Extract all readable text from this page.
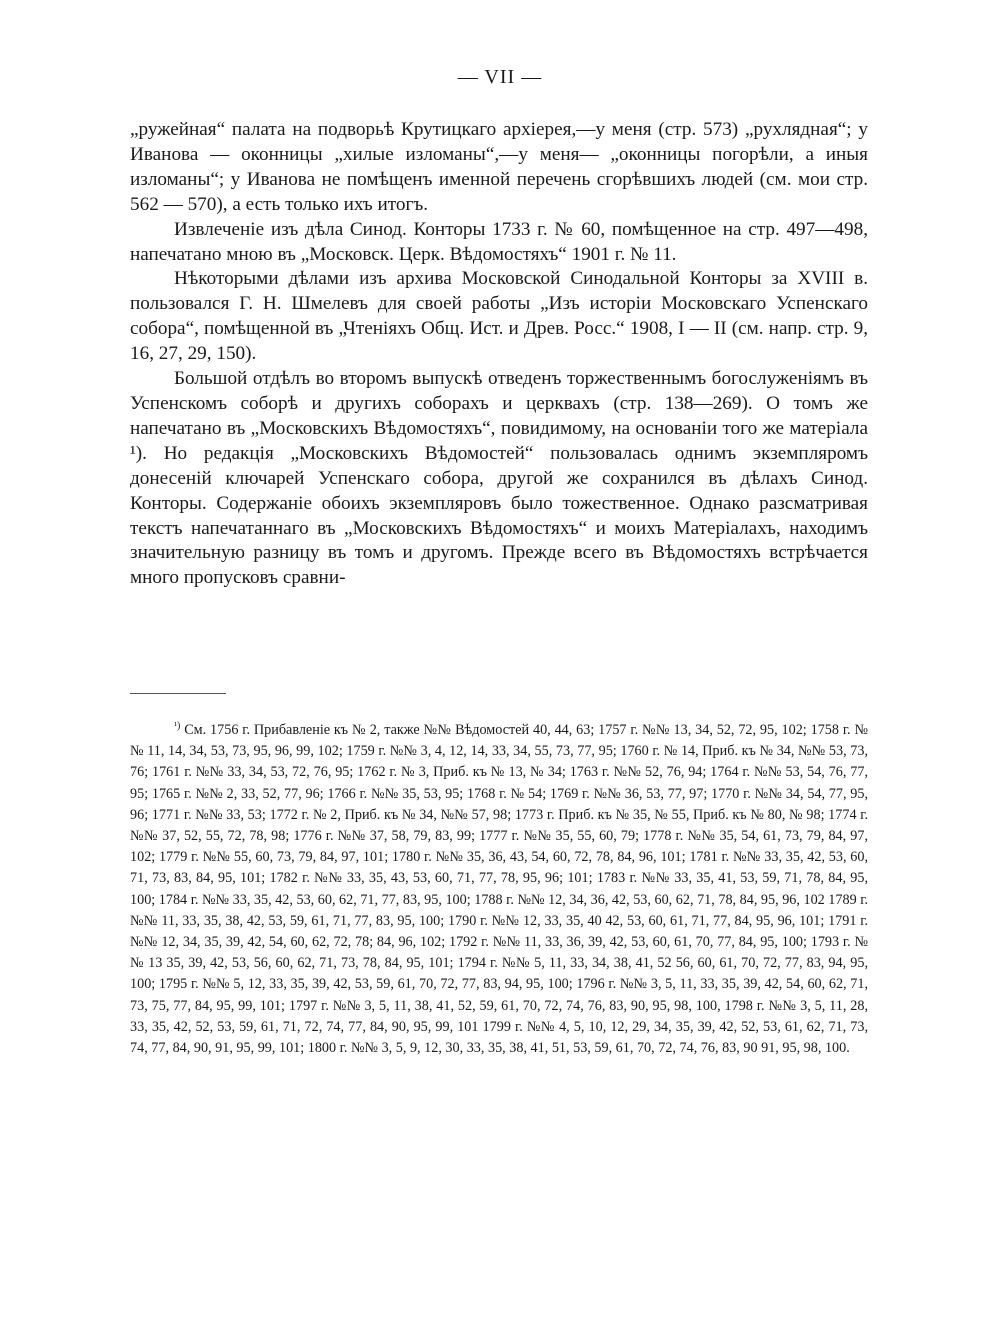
— VII —

„ружейная“ палата на подворьѣ Крутицкаго архіерея,—у меня (стр. 573) „рухлядная“; у Иванова — оконницы „хилые изломаны“,—у меня— „оконницы погорѣли, а иныя изломаны“; у Иванова не помѣщенъ именной перечень сгорѣвшихъ людей (см. мои стр. 562 — 570), а есть только ихъ итогъ.

Извлеченіе изъ дѣла Синод. Конторы 1733 г. № 60, помѣщенное на стр. 497—498, напечатано мною въ „Московск. Церк. Вѣдомостяхъ“ 1901 г. № 11.

Нѣкоторыми дѣлами изъ архива Московской Синодальной Конторы за XVIII в. пользовался Г. Н. Шмелевъ для своей работы „Изъ исторіи Московскаго Успенскаго собора“, помѣщенной въ „Чтеніяхъ Общ. Ист. и Древ. Росс.“ 1908, I — II (см. напр. стр. 9, 16, 27, 29, 150).

Большой отдѣлъ во второмъ выпускѣ отведенъ торжественнымъ богослуженіямъ въ Успенскомъ соборѣ и другихъ соборахъ и церквахъ (стр. 138—269). О томъ же напечатано въ „Московскихъ Вѣдомостяхъ“, повидимому, на основаніи того же матеріала ¹). Но редакція „Московскихъ Вѣдомостей“ пользовалась однимъ экземпляромъ донесеній ключарей Успенскаго собора, другой же сохранился въ дѣлахъ Синод. Конторы. Содержаніе обоихъ экземпляровъ было тожественное. Однако разсматривая текстъ напечатаннаго въ „Московскихъ Вѣдомостяхъ“ и моихъ Матеріалахъ, находимъ значительную разницу въ томъ и другомъ. Прежде всего въ Вѣдомостяхъ встрѣчается много пропусковъ сравни-

$^{^1)}$ См. 1756 г. Прибавленіе къ № 2, также №№ Вѣдомостей 40, 44, 63; 1757 г. №№ 13, 34, 52, 72, 95, 102; 1758 г. №№ 11, 14, 34, 53, 73, 95, 96, 99, 102; 1759 г. №№ 3, 4, 12, 14, 33, 34, 55, 73, 77, 95; 1760 г. № 14, Приб. къ № 34, №№ 53, 73, 76; 1761 г. №№ 33, 34, 53, 72, 76, 95; 1762 г. № 3, Приб. къ № 13, № 34; 1763 г. №№ 52, 76, 94; 1764 г. №№ 53, 54, 76, 77, 95; 1765 г. №№ 2, 33, 52, 77, 96; 1766 г. №№ 35, 53, 95; 1768 г. № 54; 1769 г. №№ 36, 53, 77, 97; 1770 г. №№ 34, 54, 77, 95, 96; 1771 г. №№ 33, 53; 1772 г. № 2, Приб. къ № 34, №№ 57, 98; 1773 г. Приб. къ № 35, № 55, Приб. къ № 80, № 98; 1774 г. №№ 37, 52, 55, 72, 78, 98; 1776 г. №№ 37, 58, 79, 83, 99; 1777 г. №№ 35, 55, 60, 79; 1778 г. №№ 35, 54, 61, 73, 79, 84, 97, 102; 1779 г. №№ 55, 60, 73, 79, 84, 97, 101; 1780 г. №№ 35, 36, 43, 54, 60, 72, 78, 84, 96, 101; 1781 г. №№ 33, 35, 42, 53, 60, 71, 73, 83, 84, 95, 101; 1782 г. №№ 33, 35, 43, 53, 60, 71, 77, 78, 95, 96; 101; 1783 г. №№ 33, 35, 41, 53, 59, 71, 78, 84, 95, 100; 1784 г. №№ 33, 35, 42, 53, 60, 62, 71, 77, 83, 95, 100; 1788 г. №№ 12, 34, 36, 42, 53, 60, 62, 71, 78, 84, 95, 96, 102 1789 г. №№ 11, 33, 35, 38, 42, 53, 59, 61, 71, 77, 83, 95, 100; 1790 г. №№ 12, 33, 35, 40 42, 53, 60, 61, 71, 77, 84, 95, 96, 101; 1791 г. №№ 12, 34, 35, 39, 42, 54, 60, 62, 72, 78; 84, 96, 102; 1792 г. №№ 11, 33, 36, 39, 42, 53, 60, 61, 70, 77, 84, 95, 100; 1793 г. №№ 13 35, 39, 42, 53, 56, 60, 62, 71, 73, 78, 84, 95, 101; 1794 г. №№ 5, 11, 33, 34, 38, 41, 52 56, 60, 61, 70, 72, 77, 83, 94, 95, 100; 1795 г. №№ 5, 12, 33, 35, 39, 42, 53, 59, 61, 70, 72, 77, 83, 94, 95, 100; 1796 г. №№ 3, 5, 11, 33, 35, 39, 42, 54, 60, 62, 71, 73, 75, 77, 84, 95, 99, 101; 1797 г. №№ 3, 5, 11, 38, 41, 52, 59, 61, 70, 72, 74, 76, 83, 90, 95, 98, 100, 1798 г. №№ 3, 5, 11, 28, 33, 35, 42, 52, 53, 59, 61, 71, 72, 74, 77, 84, 90, 95, 99, 101 1799 г. №№ 4, 5, 10, 12, 29, 34, 35, 39, 42, 52, 53, 61, 62, 71, 73, 74, 77, 84, 90, 91, 95, 99, 101; 1800 г. №№ 3, 5, 9, 12, 30, 33, 35, 38, 41, 51, 53, 59, 61, 70, 72, 74, 76, 83, 90 91, 95, 98, 100.
